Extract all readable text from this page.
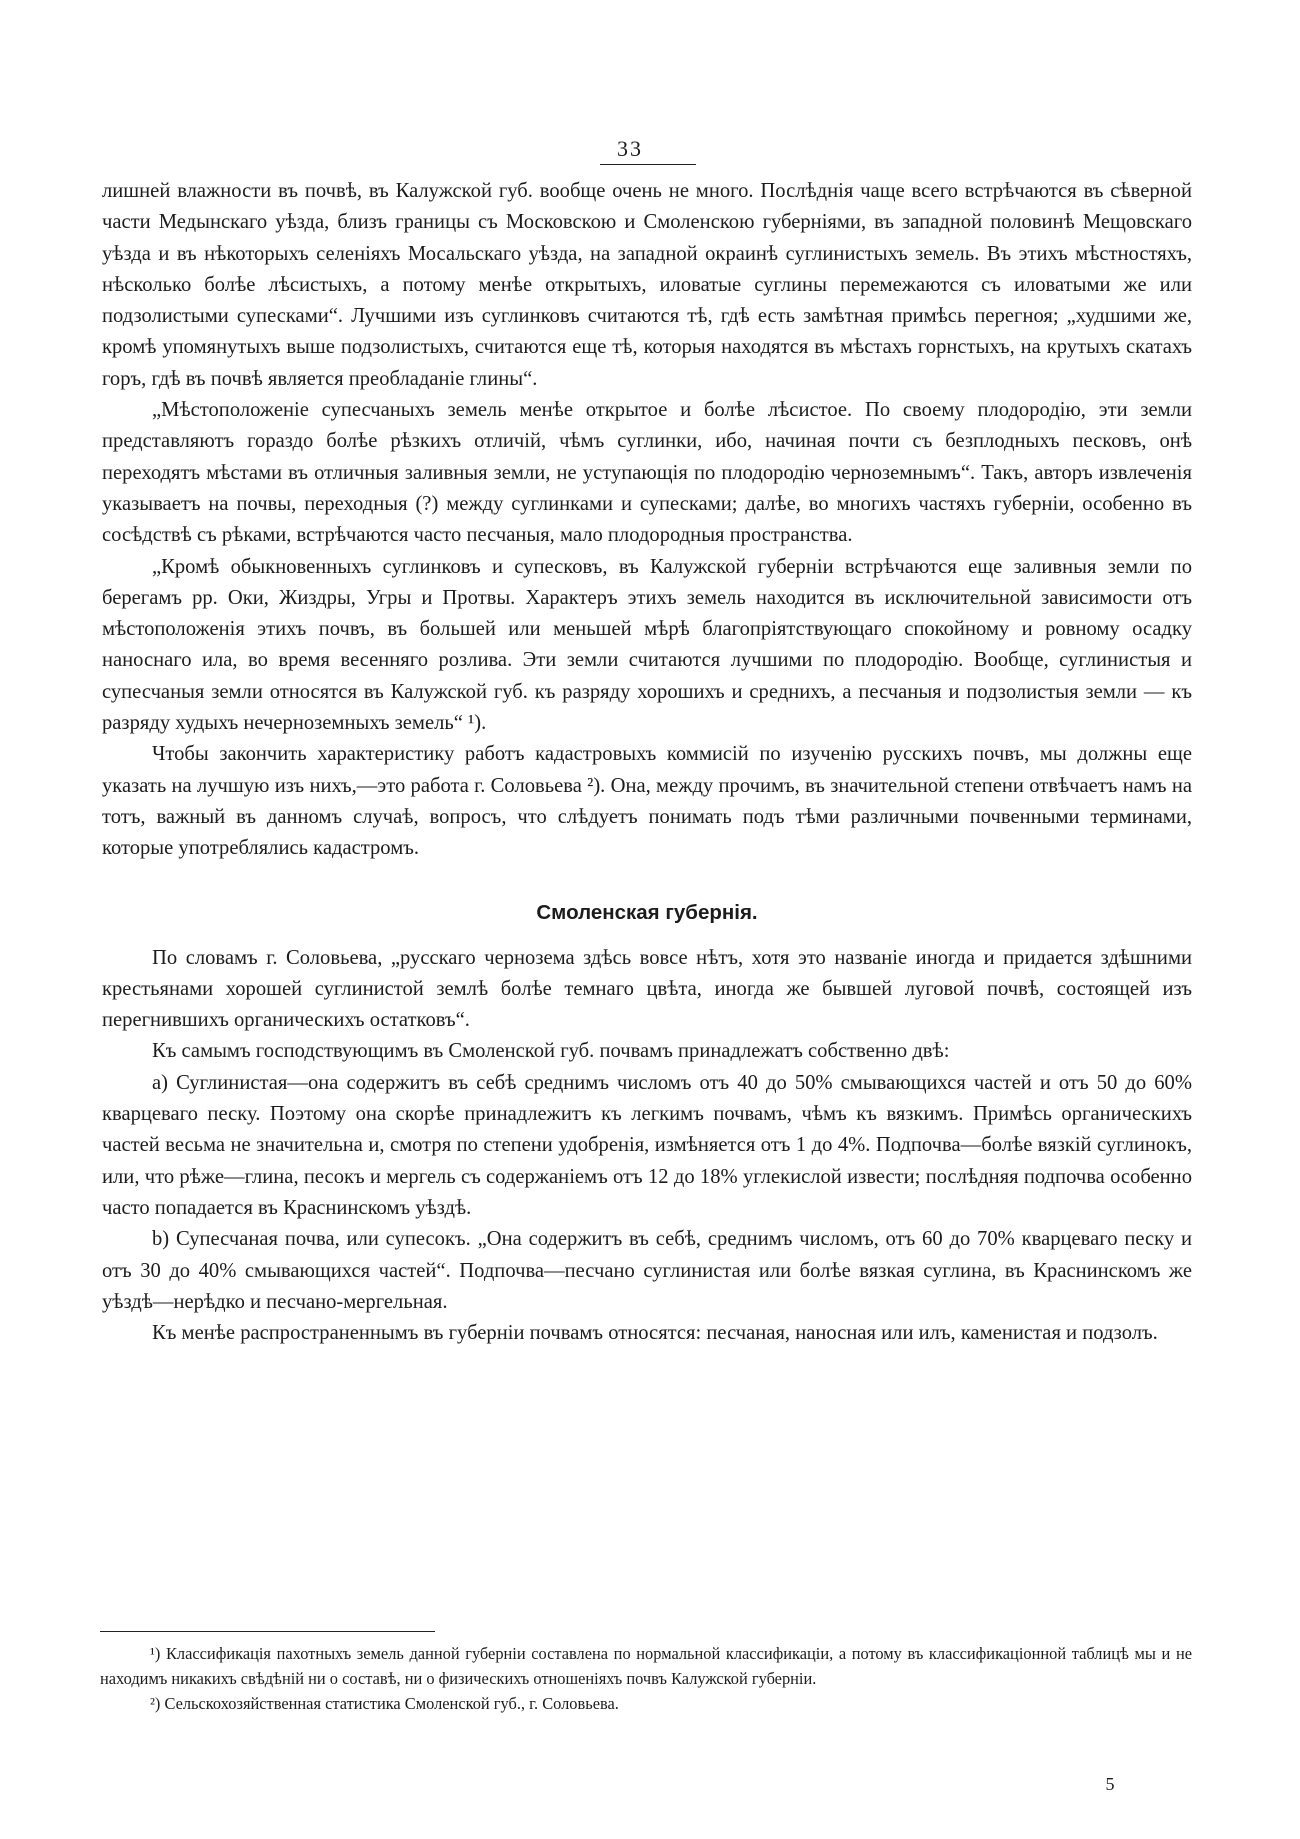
33

лишней влажности въ почвѣ, въ Калужской губ. вообще очень не много. Послѣднія чаще всего встрѣчаются въ сѣверной части Медынскаго уѣзда, близъ границы съ Московскою и Смоленскою губерніями, въ западной половинѣ Мещовскаго уѣзда и въ нѣкоторыхъ селеніяхъ Мосальскаго уѣзда, на западной окраинѣ суглинистыхъ земель. Въ этихъ мѣстностяхъ, нѣсколько болѣе лѣсистыхъ, а потому менѣе открытыхъ, иловатые суглины перемежаются съ иловатыми же или подзолистыми супесками“. Лучшими изъ суглинковъ считаются тѣ, гдѣ есть замѣтная примѣсь перегноя; „худшими же, кромѣ упомянутыхъ выше подзолистыхъ, считаются еще тѣ, которыя находятся въ мѣстахъ горнстыхъ, на крутыхъ скатахъ горъ, гдѣ въ почвѣ является преобладаніе глины“.

„Мѣстоположеніе супесчаныхъ земель менѣе открытое и болѣе лѣсистое. По своему плодородію, эти земли представляютъ гораздо болѣе рѣзкихъ отличій, чѣмъ суглинки, ибо, начиная почти съ безплодныхъ песковъ, онѣ переходятъ мѣстами въ отличныя заливныя земли, не уступающія по плодородію черноземнымъ“. Такъ, авторъ извлеченія указываетъ на почвы, переходныя (?) между суглинками и супесками; далѣе, во многихъ частяхъ губерніи, особенно въ сосѣдствѣ съ рѣками, встрѣчаются часто песчаныя, мало плодородныя пространства.

„Кромѣ обыкновенныхъ суглинковъ и супесковъ, въ Калужской губерніи встрѣчаются еще заливныя земли по берегамъ рр. Оки, Жиздры, Угры и Протвы. Характеръ этихъ земель находится въ исключительной зависимости отъ мѣстоположенія этихъ почвъ, въ большей или меньшей мѣрѣ благопріятствующаго спокойному и ровному осадку наноснаго ила, во время весенняго розлива. Эти земли считаются лучшими по плодородію. Вообще, суглинистыя и супесчаныя земли относятся въ Калужской губ. къ разряду хорошихъ и среднихъ, а песчаныя и подзолистыя земли — къ разряду худыхъ нечерноземныхъ земель“ ¹).

Чтобы закончить характеристику работъ кадастровыхъ коммисій по изученію русскихъ почвъ, мы должны еще указать на лучшую изъ нихъ,—это работа г. Соловьева ²). Она, между прочимъ, въ значительной степени отвѣчаетъ намъ на тотъ, важный въ данномъ случаѣ, вопросъ, что слѣдуетъ понимать подъ тѣми различными почвенными терминами, которые употреблялись кадастромъ.

Смоленская губернія.

По словамъ г. Соловьева, „русскаго чернозема здѣсь вовсе нѣтъ, хотя это названіе иногда и придается здѣшними крестьянами хорошей суглинистой землѣ болѣе темнаго цвѣта, иногда же бывшей луговой почвѣ, состоящей изъ перегнившихъ органическихъ остатковъ“.

Къ самымъ господствующимъ въ Смоленской губ. почвамъ принадлежатъ собственно двѣ:

a) Суглинистая—она содержитъ въ себѣ среднимъ числомъ отъ 40 до 50% смывающихся частей и отъ 50 до 60% кварцеваго песку. Поэтому она скорѣе принадлежитъ къ легкимъ почвамъ, чѣмъ къ вязкимъ. Примѣсь органическихъ частей весьма не значительна и, смотря по степени удобренія, измѣняется отъ 1 до 4%. Подпочва—болѣе вязкій суглинокъ, или, что рѣже—глина, песокъ и мергель съ содержаніемъ отъ 12 до 18% углекислой извести; послѣдняя подпочва особенно часто попадается въ Краснинскомъ уѣздѣ.

b) Супесчаная почва, или супесокъ. „Она содержитъ въ себѣ, среднимъ числомъ, отъ 60 до 70% кварцеваго песку и отъ 30 до 40% смывающихся частей“. Подпочва—песчано суглинистая или болѣе вязкая суглина, въ Краснинскомъ же уѣздѣ—нерѣдко и песчано-мергельная.

Къ менѣе распространеннымъ въ губерніи почвамъ относятся: песчаная, наносная или илъ, каменистая и подзолъ.

¹) Классификація пахотныхъ земель данной губерніи составлена по нормальной классификаціи, а потому въ классификаціонной таблицѣ мы и не находимъ никакихъ свѣдѣній ни о составѣ, ни о физическихъ отношеніяхъ почвъ Калужской губерніи.

²) Сельскохозяйственная статистика Смоленской губ., г. Соловьева.

5
